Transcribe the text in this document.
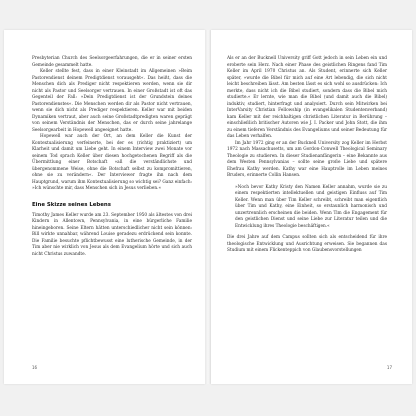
Presbyterian Church des Seelsorgeerfahrungen, die er in seiner ersten Gemeinde gesammelt hatte.

Keller stellte fest, dass in einer Kleinstadt im Allgemeinen »Beim Pastorendienst deinem Predigtdienst vorausgeht«. Das heißt, dass die Menschen dich als Prediger nicht respektieren werden, wenn sie dir nicht als Pastor und Seelsorger vertrauen. In einer Großstadt ist oft das Gegenteil der Fall: »Dein Predigtdienst ist der Grundstein deines Pastorendienstes«. Die Menschen werden dir als Pastor nicht vertrauen, wenn sie dich nicht als Prediger respektieren. Keller war mit beiden Dynamiken vertraut, aber auch seine Großstadtpredigten waren geprägt von seinem Verständnis der Menschen, das er durch seine jahrelange Seelsorgearbeit in Hopewell angeeignet hatte.

Hopewell war auch der Ort, an dem Keller die Kunst der Kontextualisierung verfeinerte, bei der es (richtig praktiziert) um Klarheit und damit um Liebe geht. In einem Interview zwei Monate vor seinem Tod sprach Keller über diesen hochgetochenen Begriff als die Übermittlung einer Botschaft »all die verständlichste und übergenommene Weise, ohne die Botschaft selbst zu kompromittieren, ohne sie zu verändern«. Der Interviewer fragte ihn nach dem Hauptgrund, warum ihm Kontextualisierung so wichtig sei? Ganz einfach: »Ich wünschte mir, dass Menschen sich in Jesus verlieben.«

Eine Skizze seines Lebens

Timothy James Keller wurde am 23. September 1950 als ältestes von drei Kindern in Allentown, Pennsylvania, in eine bürgerliche Familie hineingeboren. Seine Eltern hätten unterschiedlicher nicht sein können: Bill wirkte unnahbar, während Louise geradezu erdrückend sein konnte. Die Familie besuchte pflichtbewusst eine lutherische Gemeinde, in der Tim aber nie wirklich von Jesus als dem Evangelium hörte und sich auch nicht Christus zuwandte.

16

Als er an der Bucknell University griff Gott jedoch in sein Leben ein und eroberte sein Herz. Nach einer Phase des geistlichen Ringens fand Tim Keller im April 1970 Christus an. Als Student, erinnerte sich Keller später, »wurde die Bibel für mich auf eine Art lebendig, die sich nicht leicht beschreiben lässt. Am besten lässt es sich wohl so ausdrücken: Ich merkte, dass nicht ich die Bibel studiert, sondern dass die Bibel mich studierte.« Er lernte, wie man die Bibel (und damit auch die Bibel) induktiv, studiert, hinterfragt und analysiert. Durch sein Mitwirken bei InterVarsity Christian Fellowship (in evangelikalen Studentenverband) kam Keller mit der reichhaltigen christlichen Literatur in Berührung – einschließlich britischer Autoren wie J. I. Packer und John Stott, die ihm zu einem tieferen Verständnis des Evangeliums und seiner Bedeutung für das Leben verhalfen.

Im Jahr 1972 ging er an der Bucknell University zog Keller im Herbst 1972 nach Massachusetts, um am Gordon-Conwell Theological Seminary Theologie zu studieren. In dieser Studienanfängerin – eine Bekannte aus dem Westen Pennsylvanias – sollte seine große Liebe und spätere Ehefrau Kathy werden. Kathy war eine Hauptrolle im Leben meines Bruders, erinnerte Collin Hansen.

»Noch bevor Kathy Kristy den Namen Keller annahm, wurde sie zu einem respektierten intellektuellen und geistigen Einfluss auf Tim Keller. Wenn man über Tim Keller schreibt, schreibt man eigentlich über Tim und Kathy, eine Einheit, so erstaunlich harmonisch und unzertrennlich erscheinen die beiden. Wenn Tim die Engagement für den geistlichen Dienst und seine Liebe zur Literatur teilen und die Entwicklung ihres Theologie beschäftigen.«

Die drei Jahre auf dem Campus sollten sich als entscheidend für ihre theologische Entwicklung und Ausrichtung erweisen. Sie begannen das Studium mit einem Flickenteppich von Glaubensvorstellungen

17
